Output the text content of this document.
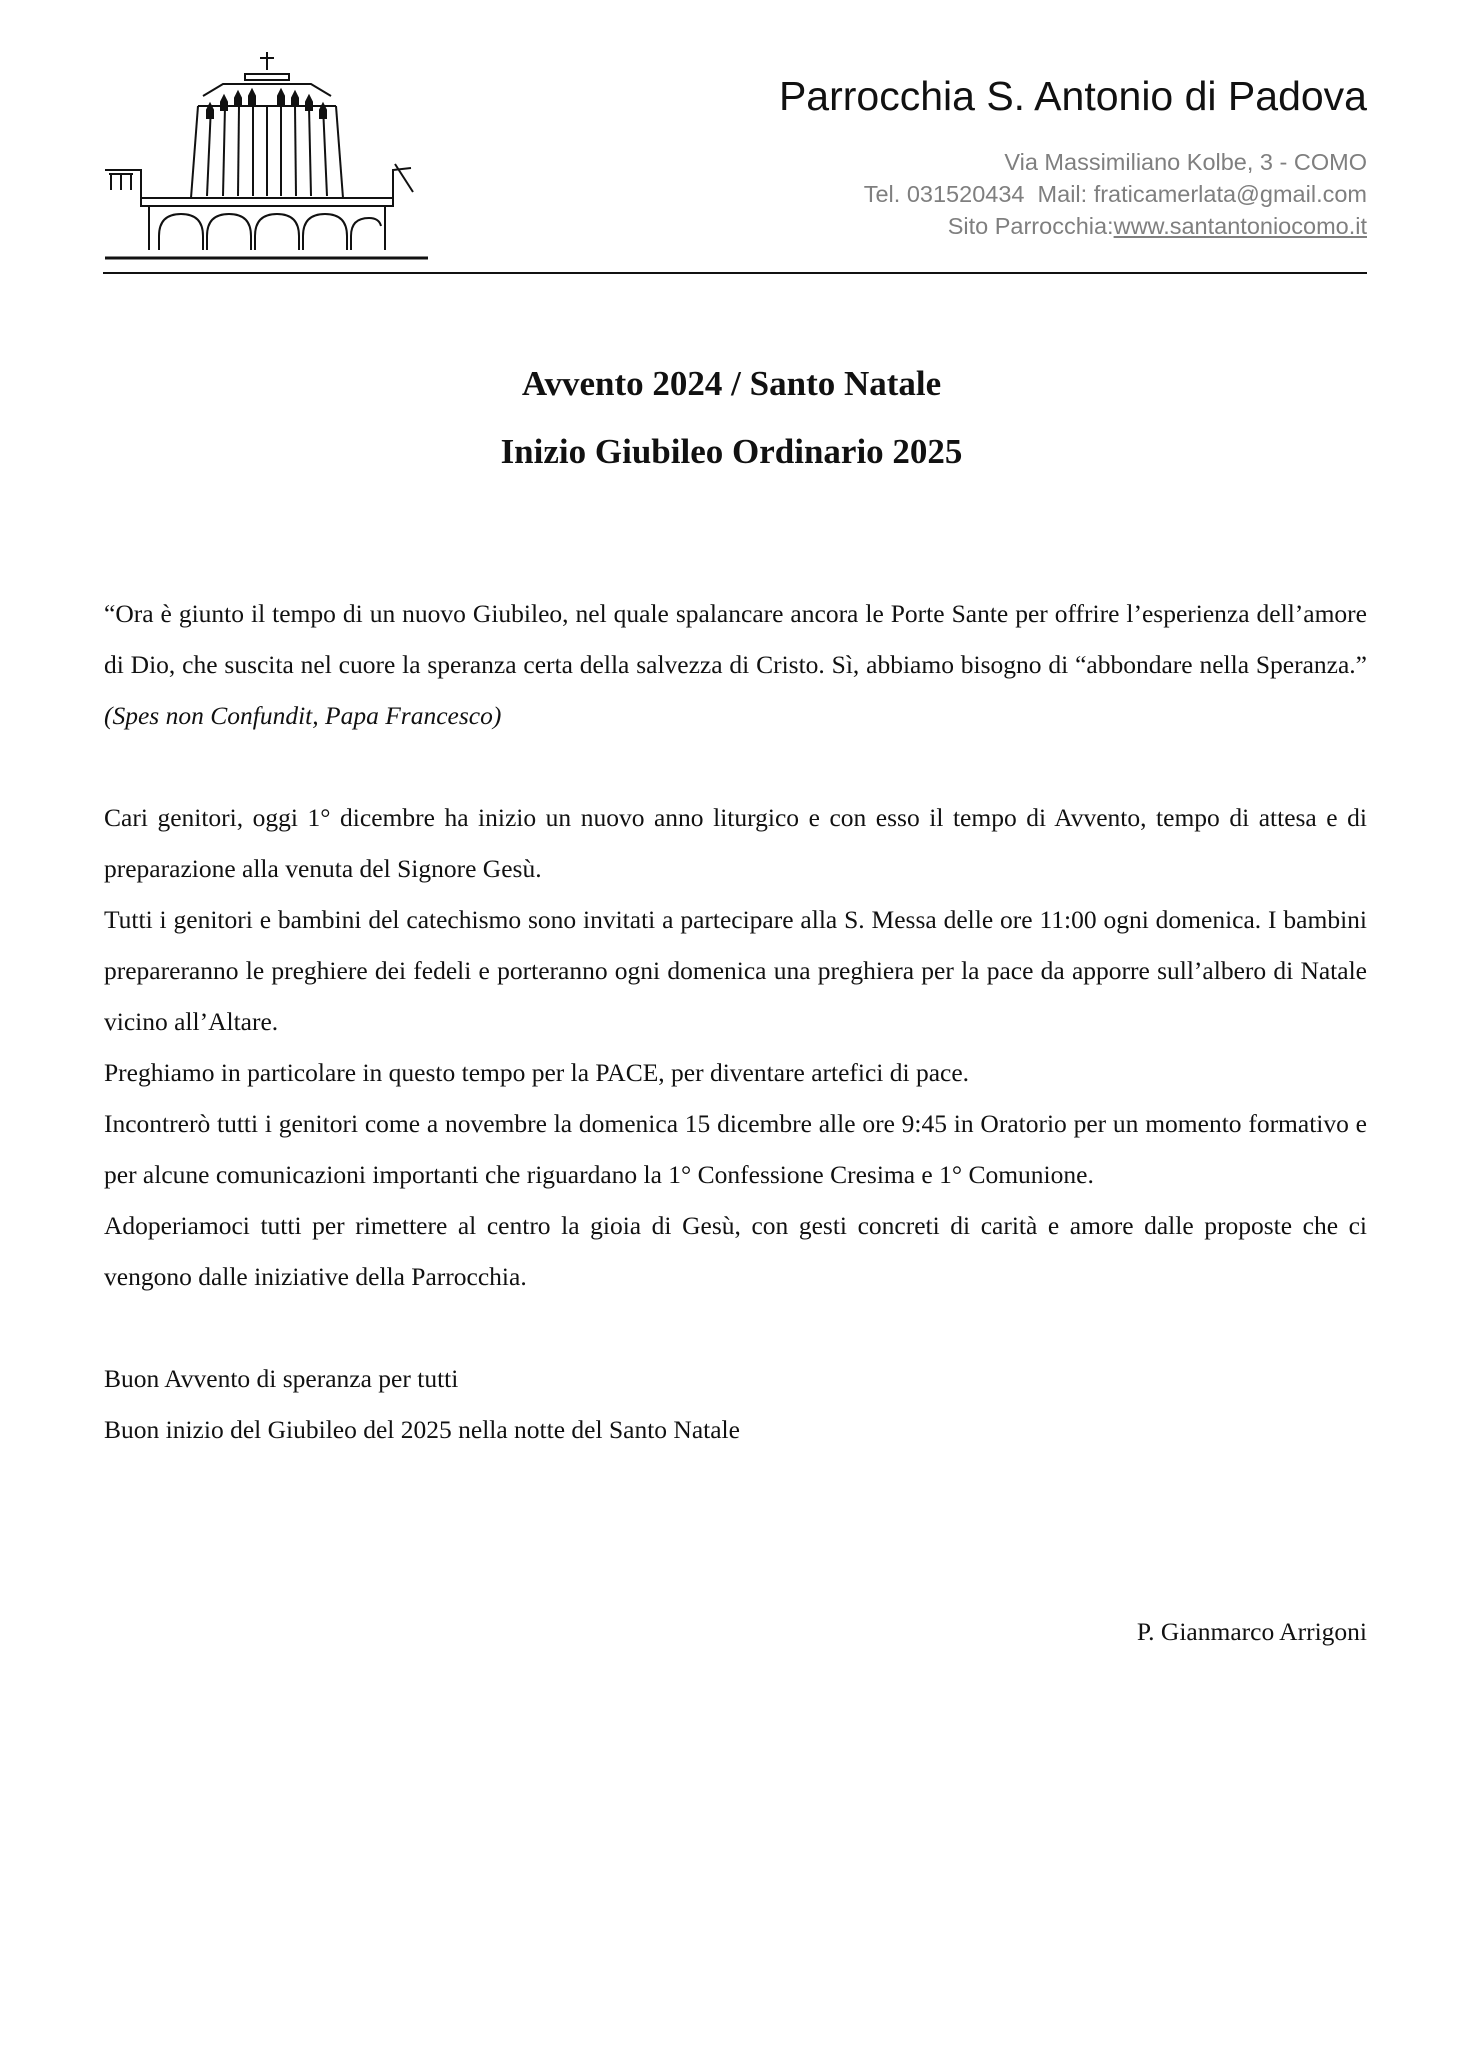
Parrocchia S. Antonio di Padova
Via Massimiliano Kolbe, 3 - COMO
Tel. 031520434 Mail: fraticamerlata@gmail.com
Sito Parrocchia:www.santantoniocomo.it
Avvento 2024 / Santo Natale
Inizio Giubileo Ordinario 2025

“Ora è giunto il tempo di un nuovo Giubileo, nel quale spalancare ancora le Porte Sante per offrire l’esperienza dell’amore di Dio, che suscita nel cuore la speranza certa della salvezza di Cristo. Sì, abbiamo bisogno di “abbondare nella Speranza.” (Spes non Confundit, Papa Francesco)

Cari genitori, oggi 1° dicembre ha inizio un nuovo anno liturgico e con esso il tempo di Avvento, tempo di attesa e di preparazione alla venuta del Signore Gesù.

Tutti i genitori e bambini del catechismo sono invitati a partecipare alla S. Messa delle ore 11:00 ogni domenica. I bambini prepareranno le preghiere dei fedeli e porteranno ogni domenica una preghiera per la pace da apporre sull’albero di Natale vicino all’Altare.

Preghiamo in particolare in questo tempo per la PACE, per diventare artefici di pace.

Incontrerò tutti i genitori come a novembre la domenica 15 dicembre alle ore 9:45 in Oratorio per un momento formativo e per alcune comunicazioni importanti che riguardano la 1° Confessione Cresima e 1° Comunione.

Adoperiamoci tutti per rimettere al centro la gioia di Gesù, con gesti concreti di carità e amore dalle proposte che ci vengono dalle iniziative della Parrocchia.

Buon Avvento di speranza per tutti

Buon inizio del Giubileo del 2025 nella notte del Santo Natale

P. Gianmarco Arrigoni
